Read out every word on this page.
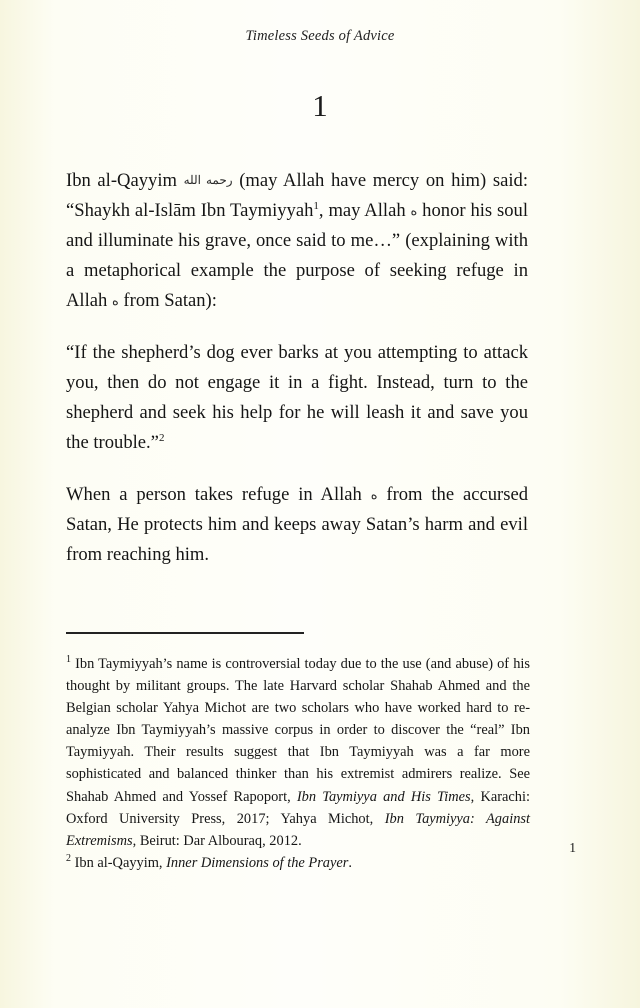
Timeless Seeds of Advice
1

Ibn al-Qayyim رحمه الله (may Allah have mercy on him) said: “Shaykh al-Islām Ibn Taymiyyah$^1$, may Allah ه honor his soul and illuminate his grave, once said to me…” (explaining with a metaphorical example the purpose of seeking refuge in Allah ه from Satan):

“If the shepherd’s dog ever barks at you attempting to attack you, then do not engage it in a fight. Instead, turn to the shepherd and seek his help for he will leash it and save you the trouble.”$^2$

When a person takes refuge in Allah ه from the accursed Satan, He protects him and keeps away Satan’s harm and evil from reaching him.

$^1$ Ibn Taymiyyah’s name is controversial today due to the use (and abuse) of his thought by militant groups. The late Harvard scholar Shahab Ahmed and the Belgian scholar Yahya Michot are two scholars who have worked hard to re-analyze Ibn Taymiyyah’s massive corpus in order to discover the “real” Ibn Taymiyyah. Their results suggest that Ibn Taymiyyah was a far more sophisticated and balanced thinker than his extremist admirers realize. See Shahab Ahmed and Yossef Rapoport, Ibn Taymiyya and His Times, Karachi: Oxford University Press, 2017; Yahya Michot, Ibn Taymiyya: Against Extremisms, Beirut: Dar Albouraq, 2012.

$^2$ Ibn al-Qayyim, Inner Dimensions of the Prayer.

1
